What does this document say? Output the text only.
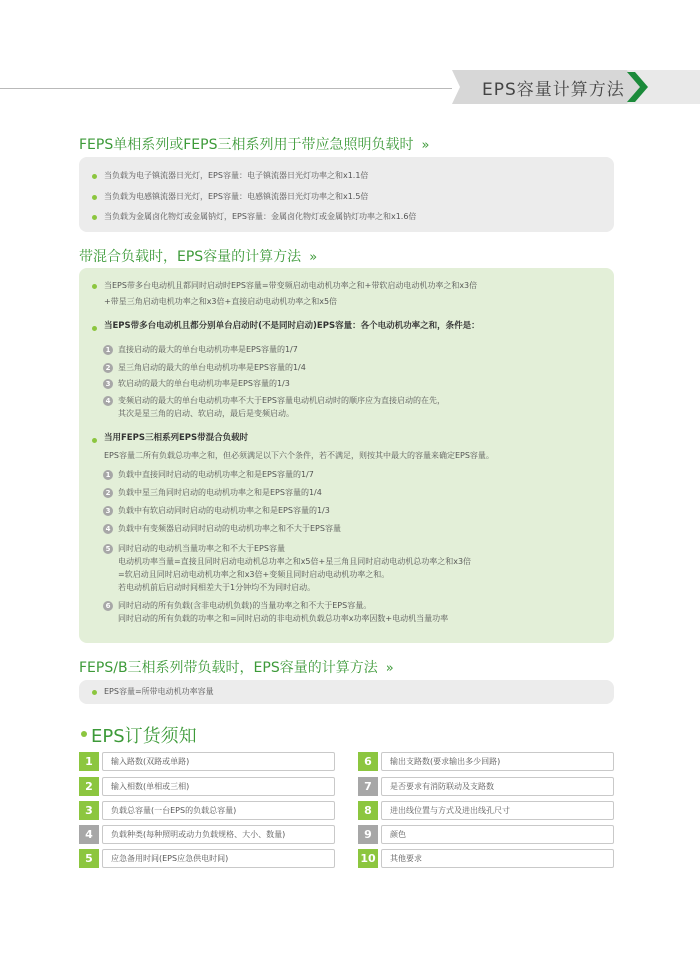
EPS容量计算方法
FEPS单相系列或FEPS三相系列用于带应急照明负载时 »
当负载为电子镇流器日光灯，EPS容量：电子镇流器日光灯功率之和x1.1倍
当负载为电感镇流器日光灯，EPS容量：电感镇流器日光灯功率之和x1.5倍
当负载为金属卤化物灯或金属钠灯，EPS容量：金属卤化物灯或金属钠灯功率之和x1.6倍
带混合负载时，EPS容量的计算方法 »
当EPS带多台电动机且都同时启动时EPS容量=带变频启动电动机功率之和+带软启动电动机功率之和x3倍
+带星三角启动电机功率之和x3倍+直接启动电动机功率之和x5倍
当EPS带多台电动机且都分别单台启动时(不是同时启动)EPS容量：各个电动机功率之和，条件是：
1 直接启动的最大的单台电动机功率是EPS容量的1/7
2 星三角启动的最大的单台电动机功率是EPS容量的1/4
3 软启动的最大的单台电动机功率是EPS容量的1/3
4 变频启动的最大的单台电动机功率不大于EPS容量电动机启动时的顺序应为直接启动的在先，
其次是星三角的启动、软启动，最后是变频启动。
当用FEPS三相系列EPS带混合负载时
EPS容量二所有负载总功率之和，但必须满足以下六个条件，若不满足，则按其中最大的容量来确定EPS容量。
1 负载中直接同时启动的电动机功率之和是EPS容量的1/7
2 负载中星三角同时启动的电动机功率之和是EPS容量的1/4
3 负载中有软启动同时启动的电动机功率之和是EPS容量的1/3
4 负载中有变频器启动同时启动的电动机功率之和不大于EPS容量
5 同时启动的电动机当量功率之和不大于EPS容量
电动机功率当量=直接且同时启动电动机总功率之和x5倍+星三角且同时启动电动机总功率之和x3倍
=软启动且同时启动电动机功率之和x3倍+变频且同时启动电动机功率之和。
若电动机前后启动时间相差大于1分钟均不为同时启动。
6 同时启动的所有负载(含非电动机负载)的当量功率之和不大于EPS容量。
同时启动的所有负载的功率之和=同时启动的非电动机负载总功率x功率因数+电动机当量功率
FEPS/B三相系列带负载时，EPS容量的计算方法 »
EPS容量=所带电动机功率容量
EPS订货须知
1	输入路数(双路或单路)
2	输入相数(单相或三相)
3	负载总容量(一台EPS的负载总容量)
4	负载种类(每种照明或动力负载规格、大小、数量)
5	应急备用时间(EPS应急供电时间)
6	输出支路数(要求输出多少回路)
7	是否要求有消防联动及支路数
8	进出线位置与方式及进出线孔尺寸
9	颜色
10 其他要求
